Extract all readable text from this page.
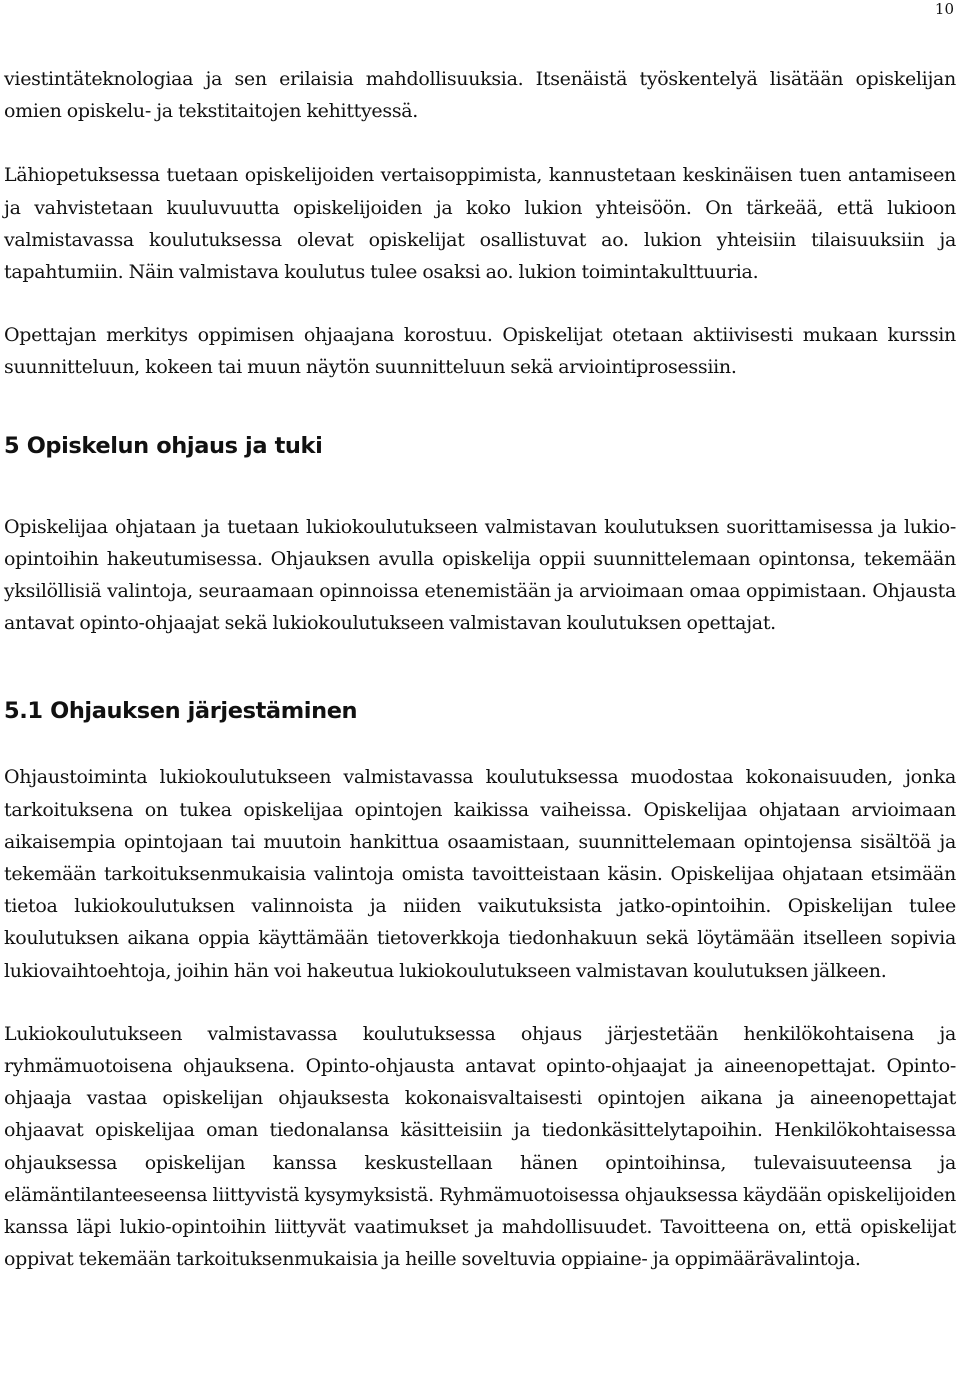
10

viestintäteknologiaa ja sen erilaisia mahdollisuuksia. Itsenäistä työskentelyä lisätään opiskelijan omien opiskelu- ja tekstitaitojen kehittyessä.

Lähiopetuksessa tuetaan opiskelijoiden vertaisoppimista, kannustetaan keskinäisen tuen antamiseen ja vahvistetaan kuuluvuutta opiskelijoiden ja koko lukion yhteisöön. On tärkeää, että lukioon valmistavassa koulutuksessa olevat opiskelijat osallistuvat ao. lukion yhteisiin tilaisuuksiin ja tapahtumiin. Näin valmistava koulutus tulee osaksi ao. lukion toimintakulttuuria.

Opettajan merkitys oppimisen ohjaajana korostuu. Opiskelijat otetaan aktiivisesti mukaan kurssin suunnitteluun, kokeen tai muun näytön suunnitteluun sekä arviointiprosessiin.

5 Opiskelun ohjaus ja tuki

Opiskelijaa ohjataan ja tuetaan lukiokoulutukseen valmistavan koulutuksen suorittamisessa ja lukio-opintoihin hakeutumisessa. Ohjauksen avulla opiskelija oppii suunnittelemaan opintonsa, tekemään yksilöllisiä valintoja, seuraamaan opinnoissa etenemistään ja arvioimaan omaa oppimistaan. Ohjausta antavat opinto-ohjaajat sekä lukiokoulutukseen valmistavan koulutuksen opettajat.

5.1 Ohjauksen järjestäminen

Ohjaustoiminta lukiokoulutukseen valmistavassa koulutuksessa muodostaa kokonaisuuden, jonka tarkoituksena on tukea opiskelijaa opintojen kaikissa vaiheissa. Opiskelijaa ohjataan arvioimaan aikaisempia opintojaan tai muutoin hankittua osaamistaan, suunnittelemaan opintojensa sisältöä ja tekemään tarkoituksenmukaisia valintoja omista tavoitteistaan käsin. Opiskelijaa ohjataan etsimään tietoa lukiokoulutuksen valinnoista ja niiden vaikutuksista jatko-opintoihin. Opiskelijan tulee koulutuksen aikana oppia käyttämään tietoverkkoja tiedonhakuun sekä löytämään itselleen sopivia lukiovaihtoehtoja, joihin hän voi hakeutua lukiokoulutukseen valmistavan koulutuksen jälkeen.

Lukiokoulutukseen valmistavassa koulutuksessa ohjaus järjestetään henkilökohtaisena ja ryhmämuotoisena ohjauksena. Opinto-ohjausta antavat opinto-ohjaajat ja aineenopettajat. Opinto-ohjaaja vastaa opiskelijan ohjauksesta kokonaisvaltaisesti opintojen aikana ja aineenopettajat ohjaavat opiskelijaa oman tiedonalansa käsitteisiin ja tiedonkäsittelytapoihin. Henkilökohtaisessa ohjauksessa opiskelijan kanssa keskustellaan hänen opintoihinsa, tulevaisuuteensa ja elämäntilanteeseensa liittyvistä kysymyksistä. Ryhmämuotoisessa ohjauksessa käydään opiskelijoiden kanssa läpi lukio-opintoihin liittyvät vaatimukset ja mahdollisuudet. Tavoitteena on, että opiskelijat oppivat tekemään tarkoituksenmukaisia ja heille soveltuvia oppiaine- ja oppimäärävalintoja.
